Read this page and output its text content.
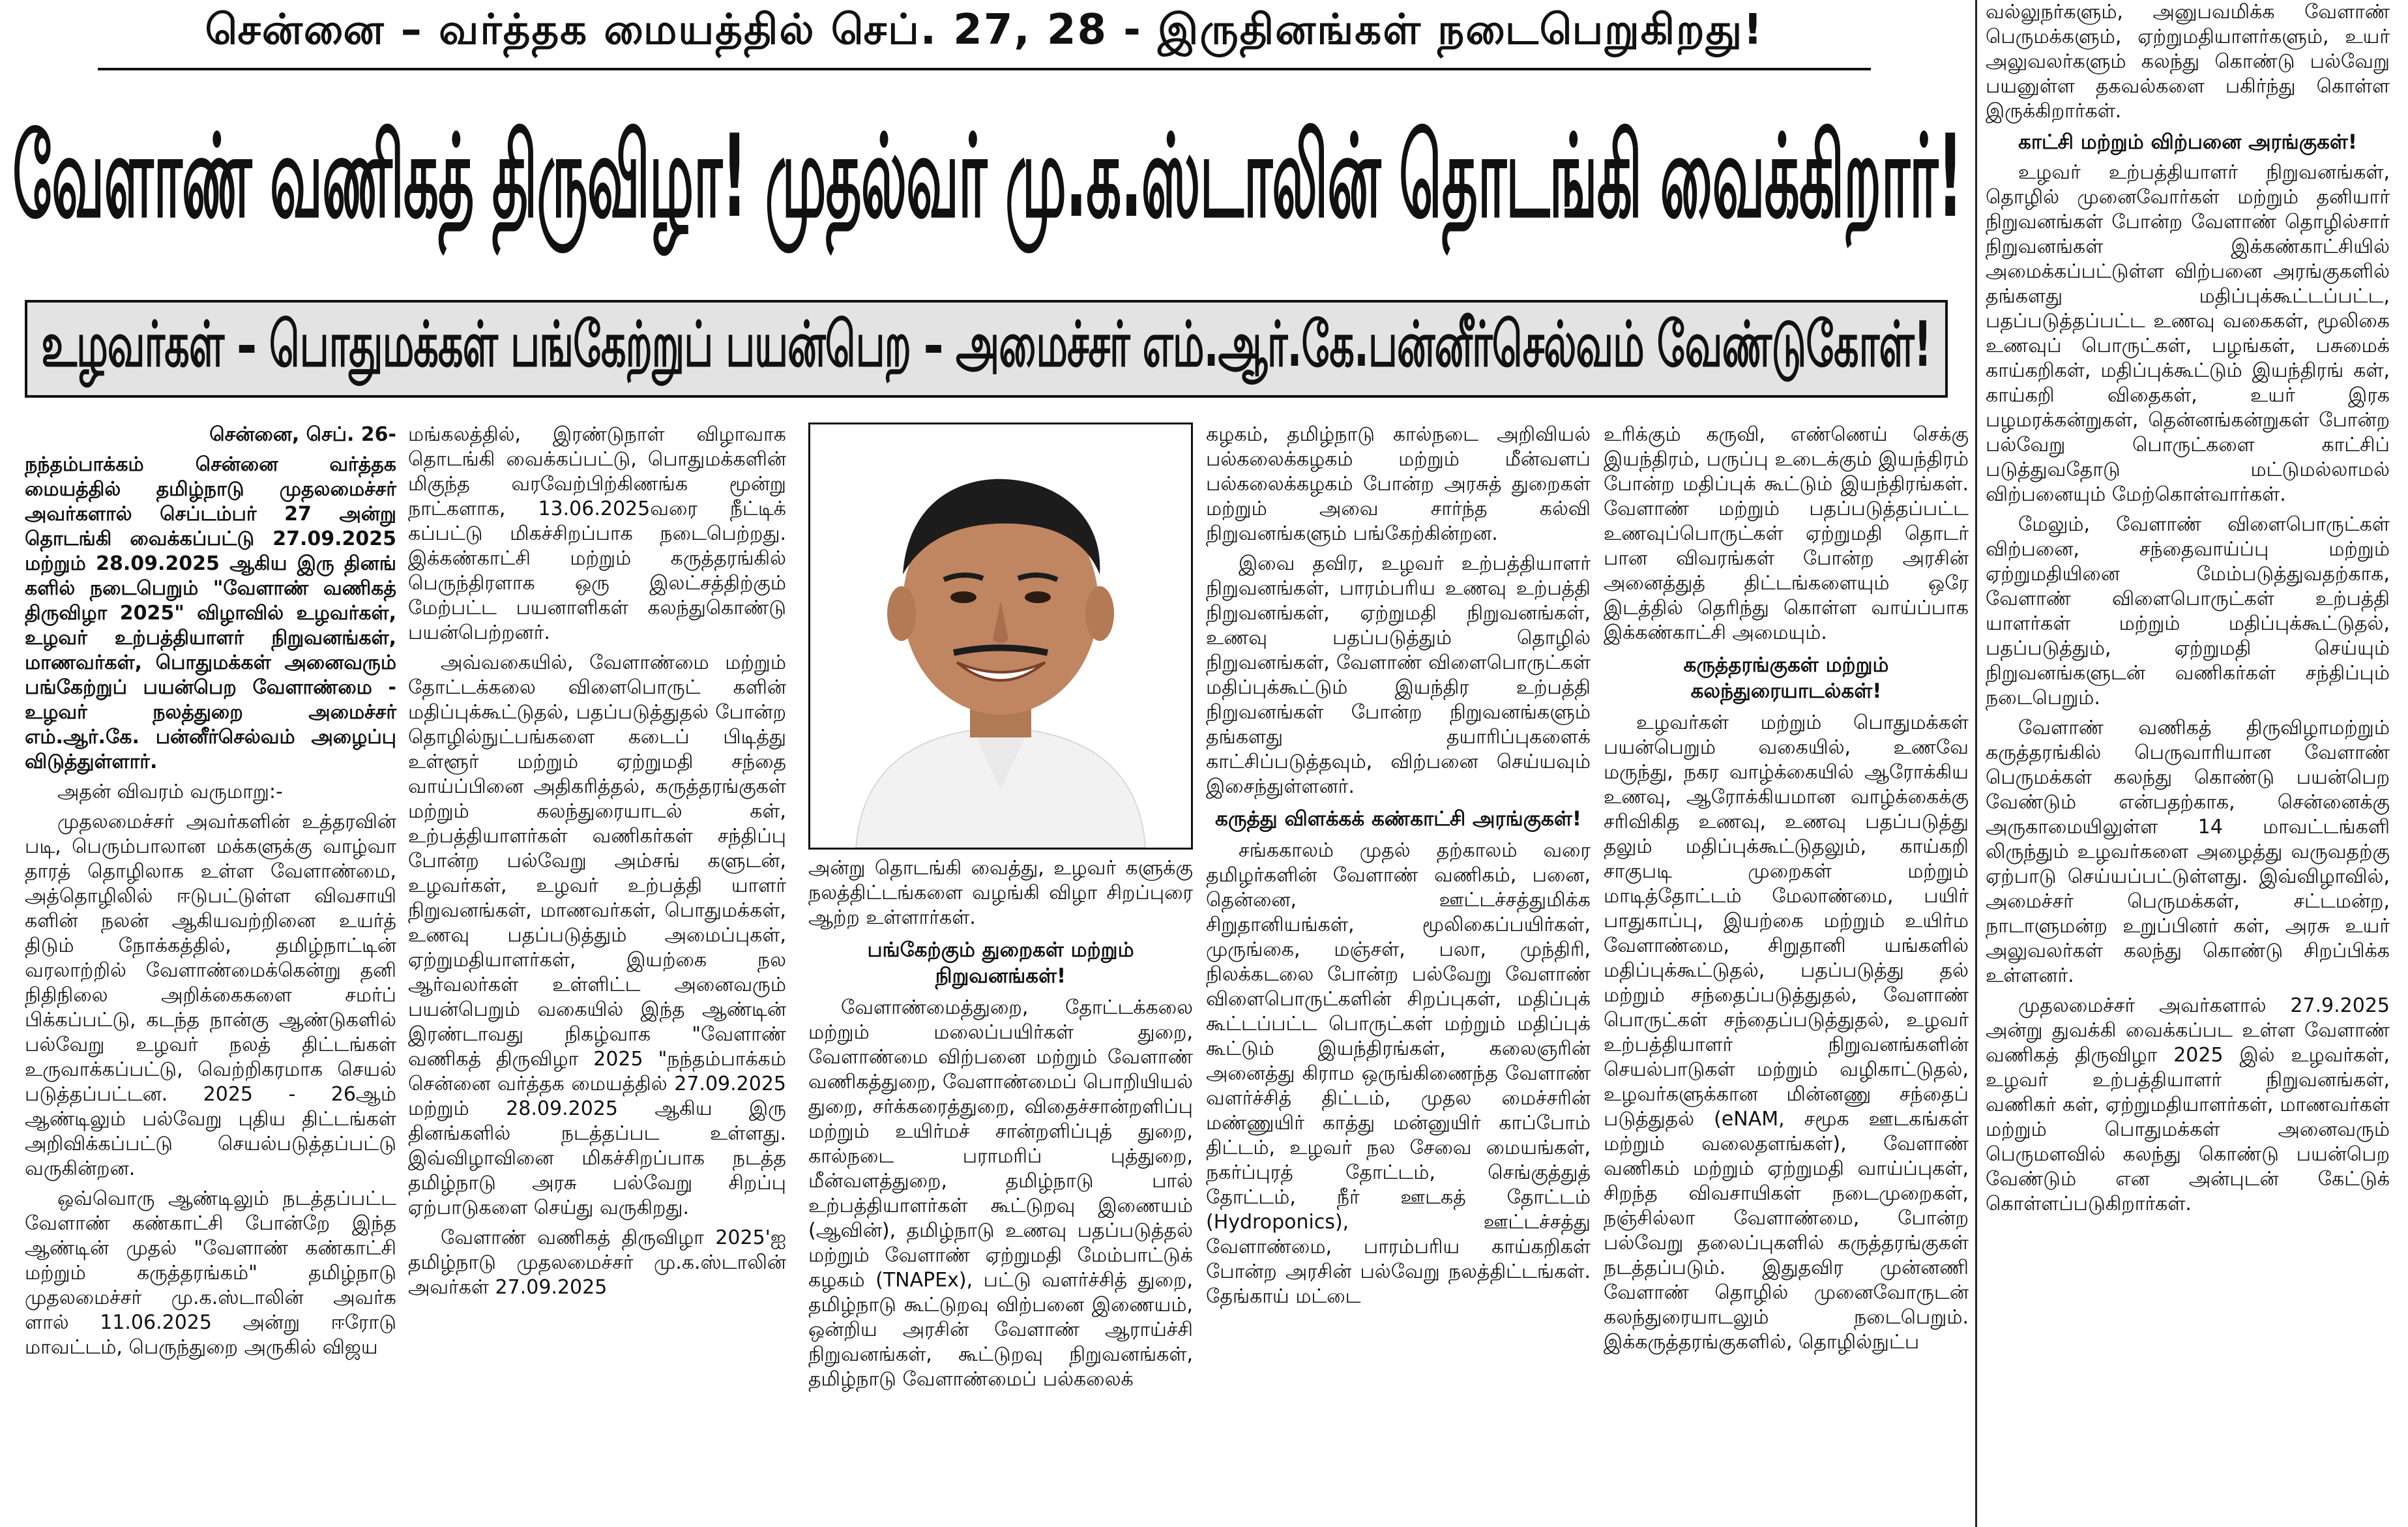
சென்னை – வர்த்தக மையத்தில் செப். 27, 28 - இருதினங்கள் நடைபெறுகிறது!
வேளாண் வணிகத் திருவிழா! முதல்வர் மு.க.ஸ்டாலின் தொடங்கி வைக்கிறார்!
உழவர்கள் – பொதுமக்கள் பங்கேற்றுப் பயன்பெற – அமைச்சர் எம்.ஆர்.கே.பன்னீர்செல்வம் வேண்டுகோள்!

சென்னை, செப். 26-

நந்தம்பாக்கம் சென்னை வர்த்தக மையத்தில் தமிழ்நாடு முதலமைச்சர் அவர்களால் செப்டம்பர் 27 அன்று தொடங்கி வைக்கப்பட்டு 27.09.2025 மற்றும் 28.09.2025 ஆகிய இரு தினங் களில் நடைபெறும் "வேளாண் வணிகத் திருவிழா 2025" விழாவில் உழவர்கள், உழவர் உற்பத்தியாளர் நிறுவனங்கள், மாணவர்கள், பொதுமக்கள் அனைவரும் பங்கேற்றுப் பயன்பெற வேளாண்மை - உழவர் நலத்துறை அமைச்சர் எம்.ஆர்.கே. பன்னீர்செல்வம் அழைப்பு விடுத்துள்ளார்.

அதன் விவரம் வருமாறு:-

முதலமைச்சர் அவர்களின் உத்தரவின் படி, பெரும்பாலான மக்களுக்கு வாழ்வா தாரத் தொழிலாக உள்ள வேளாண்மை, அத்தொழிலில் ஈடுபட்டுள்ள விவசாயி களின் நலன் ஆகியவற்றினை உயர்த் திடும் நோக்கத்தில், தமிழ்நாட்டின் வரலாற்றில் வேளாண்மைக்கென்று தனி நிதிநிலை அறிக்கைகளை சமர்ப் பிக்கப்பட்டு, கடந்த நான்கு ஆண்டுகளில் பல்வேறு உழவர் நலத் திட்டங்கள் உருவாக்கப்பட்டு, வெற்றிகரமாக செயல் படுத்தப்பட்டன. 2025 - 26ஆம் ஆண்டிலும் பல்வேறு புதிய திட்டங்கள் அறிவிக்கப்பட்டு செயல்படுத்தப்பட்டு வருகின்றன.

ஒவ்வொரு ஆண்டிலும் நடத்தப்பட்ட வேளாண் கண்காட்சி போன்றே இந்த ஆண்டின் முதல் "வேளாண் கண்காட்சி மற்றும் கருத்தரங்கம்" தமிழ்நாடு முதலமைச்சர் மு.க.ஸ்டாலின் அவர்க ளால் 11.06.2025 அன்று ஈரோடு மாவட்டம், பெருந்துறை அருகில் விஜய

மங்கலத்தில், இரண்டுநாள் விழாவாக தொடங்கி வைக்கப்பட்டு, பொதுமக்களின் மிகுந்த வரவேற்பிற்கிணங்க மூன்று நாட்களாக, 13.06.2025வரை நீட்டிக் கப்பட்டு மிகச்சிறப்பாக நடைபெற்றது. இக்கண்காட்சி மற்றும் கருத்தரங்கில் பெருந்திரளாக ஒரு இலட்சத்திற்கும் மேற்பட்ட பயனாளிகள் கலந்துகொண்டு பயன்பெற்றனர்.

அவ்வகையில், வேளாண்மை மற்றும் தோட்டக்கலை விளைபொருட் களின் மதிப்புக்கூட்டுதல், பதப்படுத்துதல் போன்ற தொழில்நுட்பங்களை கடைப் பிடித்து உள்ளூர் மற்றும் ஏற்றுமதி சந்தை வாய்ப்பினை அதிகரித்தல், கருத்தரங்குகள் மற்றும் கலந்துரையாடல் கள், உற்பத்தியாளர்கள் வணிகர்கள் சந்திப்பு போன்ற பல்வேறு அம்சங் களுடன், உழவர்கள், உழவர் உற்பத்தி யாளர் நிறுவனங்கள், மாணவர்கள், பொதுமக்கள், உணவு பதப்படுத்தும் அமைப்புகள், ஏற்றுமதியாளர்கள், இயற்கை நல ஆர்வலர்கள் உள்ளிட்ட அனைவரும் பயன்பெறும் வகையில் இந்த ஆண்டின் இரண்டாவது நிகழ்வாக "வேளாண் வணிகத் திருவிழா 2025 "நந்தம்பாக்கம் சென்னை வர்த்தக மையத்தில் 27.09.2025 மற்றும் 28.09.2025 ஆகிய இரு தினங்களில் நடத்தப்பட உள்ளது. இவ்விழாவினை மிகச்சிறப்பாக நடத்த தமிழ்நாடு அரசு பல்வேறு சிறப்பு ஏற்பாடுகளை செய்து வருகிறது.

வேளாண் வணிகத் திருவிழா 2025'ஐ தமிழ்நாடு முதலமைச்சர் மு.க.ஸ்டாலின் அவர்கள் 27.09.2025

அன்று தொடங்கி வைத்து, உழவர் களுக்கு நலத்திட்டங்களை வழங்கி விழா சிறப்புரை ஆற்ற உள்ளார்கள்.

பங்கேற்கும் துறைகள் மற்றும் நிறுவனங்கள்!

வேளாண்மைத்துறை, தோட்டக்கலை மற்றும் மலைப்பயிர்கள் துறை, வேளாண்மை விற்பனை மற்றும் வேளாண் வணிகத்துறை, வேளாண்மைப் பொறியியல் துறை, சர்க்கரைத்துறை, விதைச்சான்றளிப்பு மற்றும் உயிர்மச் சான்றளிப்புத் துறை, கால்நடை பராமரிப் புத்துறை, மீன்வளத்துறை, தமிழ்நாடு பால் உற்பத்தியாளர்கள் கூட்டுறவு இணையம் (ஆவின்), தமிழ்நாடு உணவு பதப்படுத்தல் மற்றும் வேளாண் ஏற்றுமதி மேம்பாட்டுக் கழகம் (TNAPEx), பட்டு வளர்ச்சித் துறை, தமிழ்நாடு கூட்டுறவு விற்பனை இணையம், ஒன்றிய அரசின் வேளாண் ஆராய்ச்சி நிறுவனங்கள், கூட்டுறவு நிறுவனங்கள், தமிழ்நாடு வேளாண்மைப் பல்கலைக்

கழகம், தமிழ்நாடு கால்நடை அறிவியல் பல்கலைக்கழகம் மற்றும் மீன்வளப் பல்கலைக்கழகம் போன்ற அரசுத் துறைகள் மற்றும் அவை சார்ந்த கல்வி நிறுவனங்களும் பங்கேற்கின்றன.

இவை தவிர, உழவர் உற்பத்தியாளர் நிறுவனங்கள், பாரம்பரிய உணவு உற்பத்தி நிறுவனங்கள், ஏற்றுமதி நிறுவனங்கள், உணவு பதப்படுத்தும் தொழில் நிறுவனங்கள், வேளாண் விளைபொருட்கள் மதிப்புக்கூட்டும் இயந்திர உற்பத்தி நிறுவனங்கள் போன்ற நிறுவனங்களும் தங்களது தயாரிப்புகளைக் காட்சிப்படுத்தவும், விற்பனை செய்யவும் இசைந்துள்ளனர்.

கருத்து விளக்கக் கண்காட்சி அரங்குகள்!

சங்ககாலம் முதல் தற்காலம் வரை தமிழர்களின் வேளாண் வணிகம், பனை, தென்னை, ஊட்டச்சத்துமிக்க சிறுதானியங்கள், மூலிகைப்பயிர்கள், முருங்கை, மஞ்சள், பலா, முந்திரி, நிலக்கடலை போன்ற பல்வேறு வேளாண் விளைபொருட்களின் சிறப்புகள், மதிப்புக் கூட்டப்பட்ட பொருட்கள் மற்றும் மதிப்புக் கூட்டும் இயந்திரங்கள், கலைஞரின் அனைத்து கிராம ஒருங்கிணைந்த வேளாண் வளர்ச்சித் திட்டம், முதல மைச்சரின் மண்ணுயிர் காத்து மன்னுயிர் காப்போம் திட்டம், உழவர் நல சேவை மையங்கள், நகர்ப்புரத் தோட்டம், செங்குத்துத் தோட்டம், நீர் ஊடகத் தோட்டம் (Hydroponics), ஊட்டச்சத்து வேளாண்மை, பாரம்பரிய காய்கறிகள் போன்ற அரசின் பல்வேறு நலத்திட்டங்கள். தேங்காய் மட்டை

உரிக்கும் கருவி, எண்ணெய் செக்கு இயந்திரம், பருப்பு உடைக்கும் இயந்திரம் போன்ற மதிப்புக் கூட்டும் இயந்திரங்கள். வேளாண் மற்றும் பதப்படுத்தப்பட்ட உணவுப்பொருட்கள் ஏற்றுமதி தொடர் பான விவரங்கள் போன்ற அரசின் அனைத்துத் திட்டங்களையும் ஒரே இடத்தில் தெரிந்து கொள்ள வாய்ப்பாக இக்கண்காட்சி அமையும்.

கருத்தரங்குகள் மற்றும் கலந்துரையாடல்கள்!

உழவர்கள் மற்றும் பொதுமக்கள் பயன்பெறும் வகையில், உணவே மருந்து, நகர வாழ்க்கையில் ஆரோக்கிய உணவு, ஆரோக்கியமான வாழ்க்கைக்கு சரிவிகித உணவு, உணவு பதப்படுத்து தலும் மதிப்புக்கூட்டுதலும், காய்கறி சாகுபடி முறைகள் மற்றும் மாடித்தோட்டம் மேலாண்மை, பயிர் பாதுகாப்பு, இயற்கை மற்றும் உயிர்ம வேளாண்மை, சிறுதானி யங்களில் மதிப்புக்கூட்டுதல், பதப்படுத்து தல் மற்றும் சந்தைப்படுத்துதல், வேளாண் பொருட்கள் சந்தைப்படுத்துதல், உழவர் உற்பத்தியாளர் நிறுவனங்களின் செயல்பாடுகள் மற்றும் வழிகாட்டுதல், உழவர்களுக்கான மின்னணு சந்தைப் படுத்துதல் (eNAM, சமூக ஊடகங்கள் மற்றும் வலைதளங்கள்), வேளாண் வணிகம் மற்றும் ஏற்றுமதி வாய்ப்புகள், சிறந்த விவசாயிகள் நடைமுறைகள், நஞ்சில்லா வேளாண்மை, போன்ற பல்வேறு தலைப்புகளில் கருத்தரங்குகள் நடத்தப்படும். இதுதவிர முன்னணி வேளாண் தொழில் முனைவோருடன் கலந்துரையாடலும் நடைபெறும். இக்கருத்தரங்குகளில், தொழில்நுட்ப

வல்லுநர்களும், அனுபவமிக்க வேளாண் பெருமக்களும், ஏற்றுமதியாளர்களும், உயர் அலுவலர்களும் கலந்து கொண்டு பல்வேறு பயனுள்ள தகவல்களை பகிர்ந்து கொள்ள இருக்கிறார்கள்.

காட்சி மற்றும் விற்பனை அரங்குகள்!

உழவர் உற்பத்தியாளர் நிறுவனங்கள், தொழில் முனைவோர்கள் மற்றும் தனியார் நிறுவனங்கள் போன்ற வேளாண் தொழில்சார் நிறுவனங்கள் இக்கண்காட்சியில் அமைக்கப்பட்டுள்ள விற்பனை அரங்குகளில் தங்களது மதிப்புக்கூட்டப்பட்ட, பதப்படுத்தப்பட்ட உணவு வகைகள், மூலிகை உணவுப் பொருட்கள், பழங்கள், பசுமைக் காய்கறிகள், மதிப்புக்கூட்டும் இயந்திரங் கள், காய்கறி விதைகள், உயர் இரக பழமரக்கன்றுகள், தென்னங்கன்றுகள் போன்ற பல்வேறு பொருட்களை காட்சிப் படுத்துவதோடு மட்டுமல்லாமல் விற்பனையும் மேற்கொள்வார்கள்.

மேலும், வேளாண் விளைபொருட்கள் விற்பனை, சந்தைவாய்ப்பு மற்றும் ஏற்றுமதியினை மேம்படுத்துவதற்காக, வேளாண் விளைபொருட்கள் உற்பத்தி யாளர்கள் மற்றும் மதிப்புக்கூட்டுதல், பதப்படுத்தும், ஏற்றுமதி செய்யும் நிறுவனங்களுடன் வணிகர்கள் சந்திப்பும் நடைபெறும்.

வேளாண் வணிகத் திருவிழாமற்றும் கருத்தரங்கில் பெருவாரியான வேளாண் பெருமக்கள் கலந்து கொண்டு பயன்பெற வேண்டும் என்பதற்காக, சென்னைக்கு அருகாமையிலுள்ள 14 மாவட்டங்களி லிருந்தும் உழவர்களை அழைத்து வருவதற்கு ஏற்பாடு செய்யப்பட்டுள்ளது. இவ்விழாவில், அமைச்சர் பெருமக்கள், சட்டமன்ற, நாடாளுமன்ற உறுப்பினர் கள், அரசு உயர் அலுவலர்கள் கலந்து கொண்டு சிறப்பிக்க உள்ளனர்.

முதலமைச்சர் அவர்களால் 27.9.2025 அன்று துவக்கி வைக்கப்பட உள்ள வேளாண் வணிகத் திருவிழா 2025 இல் உழவர்கள், உழவர் உற்பத்தியாளர் நிறுவனங்கள், வணிகர் கள், ஏற்றுமதியாளர்கள், மாணவர்கள் மற்றும் பொதுமக்கள் அனைவரும் பெருமளவில் கலந்து கொண்டு பயன்பெற வேண்டும் என அன்புடன் கேட்டுக் கொள்ளப்படுகிறார்கள்.
